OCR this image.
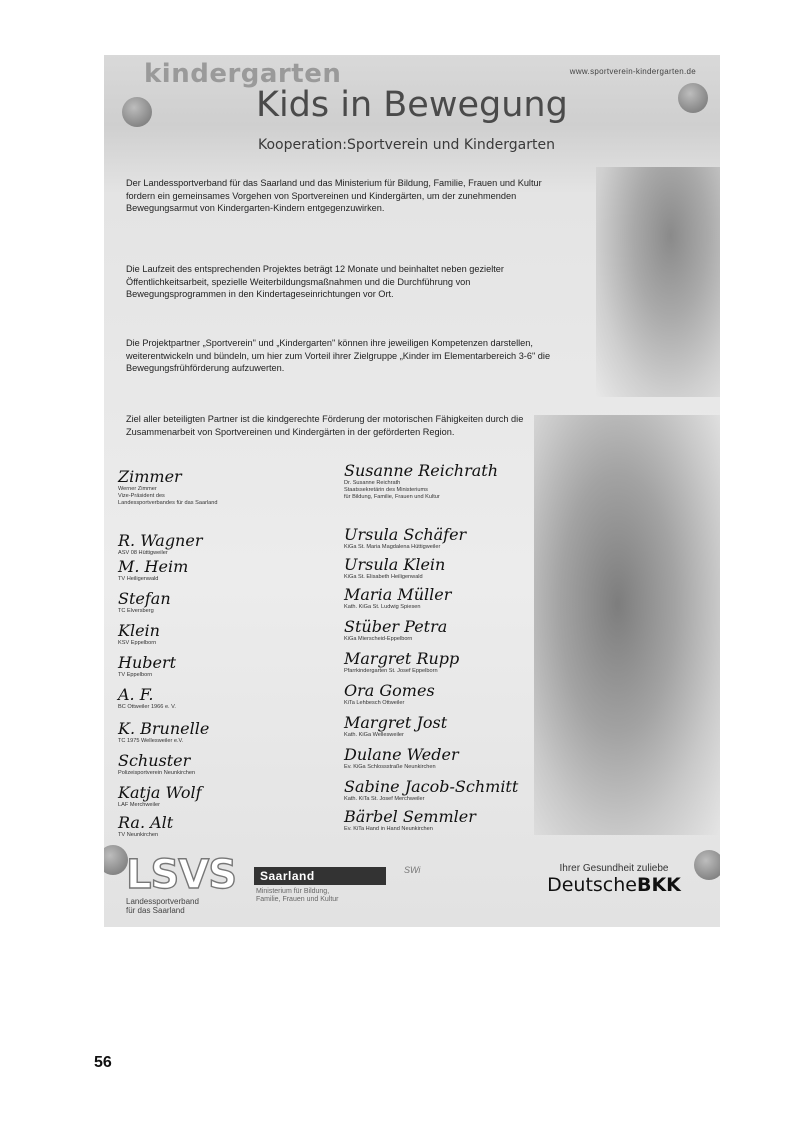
kindergarten	www.sportverein-kindergarten.de
Kids in Bewegung
Kooperation:Sportverein und Kindergarten

Der Landessportverband für das Saarland und das Ministerium für Bildung, Familie, Frauen und Kultur fordern ein gemeinsames Vorgehen von Sportvereinen und Kindergärten, um der zunehmenden Bewegungsarmut von Kindergarten-Kindern entgegenzuwirken.

Die Laufzeit des entsprechenden Projektes beträgt 12 Monate und beinhaltet neben gezielter Öffentlichkeitsarbeit, spezielle Weiterbildungsmaßnahmen und die Durchführung von Bewegungsprogrammen in den Kindertageseinrichtungen vor Ort.

Die Projektpartner „Sportverein" und „Kindergarten" können ihre jeweiligen Kompetenzen darstellen, weiterentwickeln und bündeln, um hier zum Vorteil ihrer Zielgruppe „Kinder im Elementarbereich 3-6" die Bewegungsfrühförderung aufzuwerten.

Ziel aller beteiligten Partner ist die kindgerechte Förderung der motorischen Fähigkeiten durch die Zusammenarbeit von Sportvereinen und Kindergärten in der geförderten Region.

Zimmer
Werner Zimmer
Vize-Präsident des
Landessportverbandes für das Saarland
R. Wagner
ASV 08 Hüttigweiler
M. Heim
TV Heiligenwald
Stefan
TC Elversberg
Klein
KSV Eppelborn
Hubert
TV Eppelborn
A. F.
BC Ottweiler 1966 e. V.
K. Brunelle
TC 1975 Wellesweiler e.V.
Schuster
Polizeisportverein Neunkirchen
Katja Wolf
LAF Merchweiler
Ra. Alt
TV Neunkirchen
Susanne Reichrath
Dr. Susanne Reichrath
Staatssekretärin des Ministeriums
für Bildung, Familie, Frauen und Kultur
Ursula Schäfer
KiGa St. Maria Magdalena Hüttigweiler
Ursula Klein
KiGa St. Elisabeth Heiligenwald
Maria Müller
Kath. KiGa St. Ludwig Spiesen
Stüber Petra
KiGa Mierscheid-Eppelborn
Margret Rupp
Pfarrkindergarten St. Josef Eppelborn
Ora Gomes
KiTa Lehbesch Ottweiler
Margret Jost
Kath. KiGa Wellesweiler
Dulane Weder
Ev. KiGa Schlossstraße Neunkirchen
Sabine Jacob-Schmitt
Kath. KiTa St. Josef Merchweiler
Bärbel Semmler
Ev. KiTa Hand in Hand Neunkirchen
LSVS
Landessportverband
für das Saarland
Saarland
Ministerium für Bildung,
Familie, Frauen und Kultur
SWi	Ihrer Gesundheit zuliebe
DeutscheBKK
56
